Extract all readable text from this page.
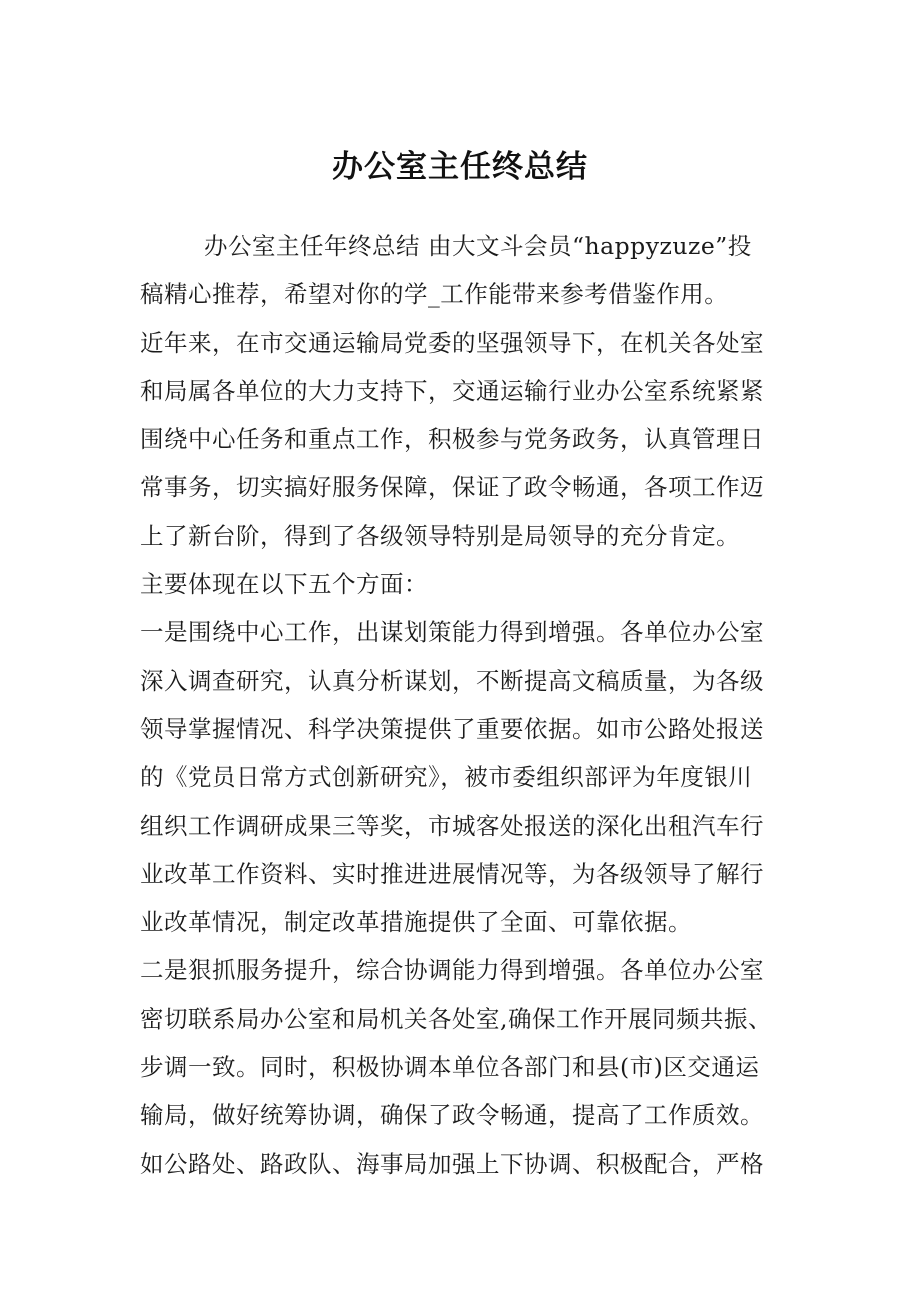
办公室主任终总结
办公室主任年终总结 由大文斗会员“happyzuze”投
稿精心推荐，希望对你的学_工作能带来参考借鉴作用。
近年来，在市交通运输局党委的坚强领导下，在机关各处室
和局属各单位的大力支持下，交通运输行业办公室系统紧紧
围绕中心任务和重点工作，积极参与党务政务，认真管理日
常事务，切实搞好服务保障，保证了政令畅通，各项工作迈
上了新台阶，得到了各级领导特别是局领导的充分肯定。
主要体现在以下五个方面：
一是围绕中心工作，出谋划策能力得到增强。各单位办公室
深入调查研究，认真分析谋划，不断提高文稿质量，为各级
领导掌握情况、科学决策提供了重要依据。如市公路处报送
的《党员日常方式创新研究》，被市委组织部评为年度银川
组织工作调研成果三等奖，市城客处报送的深化出租汽车行
业改革工作资料、实时推进进展情况等，为各级领导了解行
业改革情况，制定改革措施提供了全面、可靠依据。
二是狠抓服务提升，综合协调能力得到增强。各单位办公室
密切联系局办公室和局机关各处室,确保工作开展同频共振、
步调一致。同时，积极协调本单位各部门和县(市)区交通运
输局，做好统筹协调，确保了政令畅通，提高了工作质效。
如公路处、路政队、海事局加强上下协调、积极配合，严格
